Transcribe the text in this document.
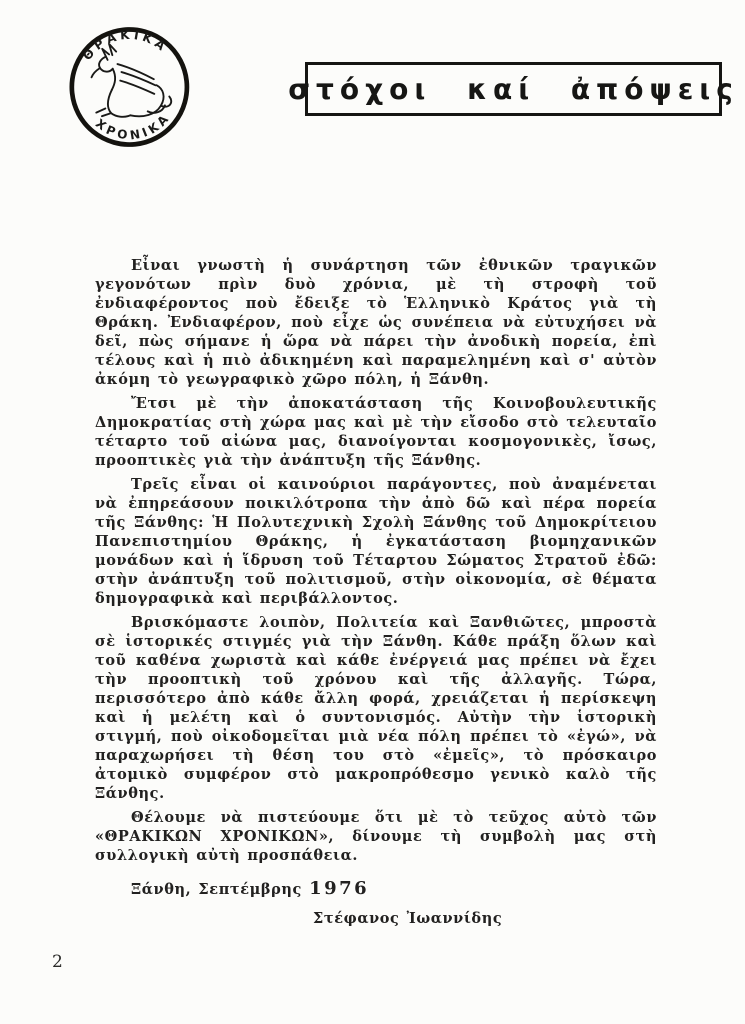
ΘΡΑΚΙΚΑ
ΧΡΟΝΙΚΑ
στόχοι καί ἀπόψεις

Εἶναι γνωστὴ ἡ συνάρτηση τῶν ἐθνικῶν τραγικῶν γεγονότων πρὶν δυὸ χρόνια, μὲ τὴ στροφὴ τοῦ ἐνδιαφέροντος ποὺ ἔδειξε τὸ Ἑλληνικὸ Κράτος γιὰ τὴ Θράκη. Ἐνδιαφέρον, ποὺ εἶχε ὡς συνέπεια νὰ εὐτυχήσει νὰ δεῖ, πὼς σήμανε ἡ ὥρα νὰ πάρει τὴν ἀνοδικὴ πορεία, ἐπὶ τέλους καὶ ἡ πιὸ ἀδικημένη καὶ παραμελημένη καὶ σ' αὐτὸν ἀκόμη τὸ γεωγραφικὸ χῶρο πόλη, ἡ Ξάνθη.

Ἔτσι μὲ τὴν ἀποκατάσταση τῆς Κοινοβουλευτικῆς Δημοκρατίας στὴ χώρα μας καὶ μὲ τὴν εἴσοδο στὸ τελευταῖο τέταρτο τοῦ αἰώνα μας, διανοίγονται κοσμογονικὲς, ἴσως, προοπτικὲς γιὰ τὴν ἀνάπτυξη τῆς Ξάνθης.

Τρεῖς εἶναι οἱ καινούριοι παράγοντες, ποὺ ἀναμένεται νὰ ἐπηρεάσουν ποικιλότροπα τὴν ἀπὸ δῶ καὶ πέρα πορεία τῆς Ξάνθης: Ἡ Πολυτεχνικὴ Σχολὴ Ξάνθης τοῦ Δημοκρίτειου Πανεπιστημίου Θράκης, ἡ ἐγκατάσταση βιομηχανικῶν μονάδων καὶ ἡ ἵδρυση τοῦ Τέταρτου Σώματος Στρατοῦ ἐδῶ: στὴν ἀνάπτυξη τοῦ πολιτισμοῦ, στὴν οἰκονομία, σὲ θέματα δημογραφικὰ καὶ περιβάλλοντος.

Βρισκόμαστε λοιπὸν, Πολιτεία καὶ Ξανθιῶτες, μπροστὰ σὲ ἱστορικές στιγμές γιὰ τὴν Ξάνθη. Κάθε πράξη ὅλων καὶ τοῦ καθένα χωριστὰ καὶ κάθε ἐνέργειά μας πρέπει νὰ ἔχει τὴν προοπτικὴ τοῦ χρόνου καὶ τῆς ἀλλαγῆς. Τώρα, περισσότερο ἀπὸ κάθε ἄλλη φορά, χρειάζεται ἡ περίσκεψη καὶ ἡ μελέτη καὶ ὁ συντονισμός. Αὐτὴν τὴν ἱστορικὴ στιγμή, ποὺ οἰκοδομεῖται μιὰ νέα πόλη πρέπει τὸ «ἐγώ», νὰ παραχωρήσει τὴ θέση του στὸ «ἐμεῖς», τὸ πρόσκαιρο ἀτομικὸ συμφέρον στὸ μακροπρόθεσμο γενικὸ καλὸ τῆς Ξάνθης.

Θέλουμε νὰ πιστεύουμε ὅτι μὲ τὸ τεῦχος αὐτὸ τῶν «ΘΡΑΚΙΚΩΝ ΧΡΟΝΙΚΩΝ», δίνουμε τὴ συμβολὴ μας στὴ συλλογικὴ αὐτὴ προσπάθεια.

Ξάνθη, Σεπτέμβρης 1976

Στέφανος Ἰωαννίδης

2
